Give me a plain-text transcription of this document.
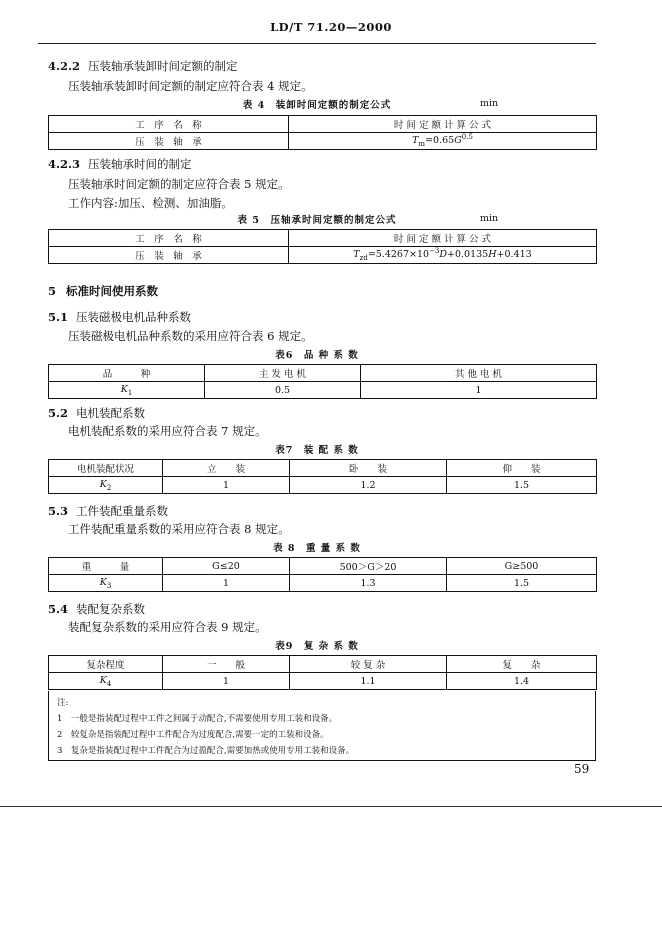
LD/T 71.20—2000
4.2.2 压装轴承装卸时间定额的制定
压装轴承装卸时间定额的制定应符合表 4 规定。
表 4　装卸时间定额的制定公式	min
工　序　名　称	时 间 定 额 计 算 公 式
压　装　轴　承	$T_m=0.65G^{0.5}$
4.2.3 压装轴承时间的制定
压装轴承时间定额的制定应符合表 5 规定。
工作内容:加压、检测、加油脂。
表 5　压轴承时间定额的制定公式	min
工　序　名　称	时 间 定 额 计 算 公 式
压　装　轴　承	$T_{zd}=5.4267\times 10^{-3}D+0.0135H+0.413$
5 标准时间使用系数
5.1 压装磁极电机品种系数
压装磁极电机品种系数的采用应符合表 6 规定。
表6　品 种 系 数
品　　　种	主 发 电 机	其 他 电 机
$K_1$	0.5	1
5.2 电机装配系数
电机装配系数的采用应符合表 7 规定。
表7　装 配 系 数
电机装配状况	立　　装	卧　　装	仰　　装
$K_2$	1	1.2	1.5
5.3 工件装配重量系数
工件装配重量系数的采用应符合表 8 规定。
表 8　重 量 系 数
重　　　量	G≤20	500＞G＞20	G≥500
$K_3$	1	1.3	1.5
5.4 装配复杂系数
装配复杂系数的采用应符合表 9 规定。
表9　复 杂 系 数
复杂程度	一　　般	较 复 杂	复　　杂
$K_4$	1	1.1	1.4
注:
1　一般是指装配过程中工件之间属于动配合,不需要使用专用工装和设备。
2　较复杂是指装配过程中工件配合为过度配合,需要一定的工装和设备。
3　复杂是指装配过程中工件配合为过盈配合,需要加热或使用专用工装和设备。
59
